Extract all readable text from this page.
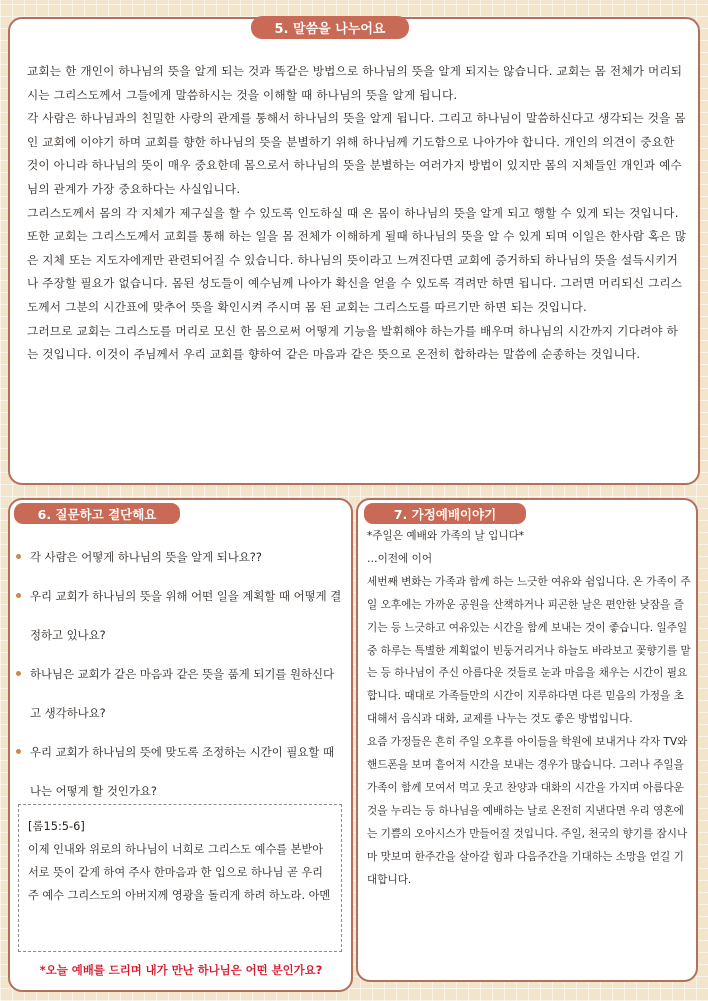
5. 말씀을 나누어요

교회는 한 개인이 하나님의 뜻을 알게 되는 것과 똑같은 방법으로 하나님의 뜻을 알게 되지는 않습니다. 교회는 몸 전체가 머리되시는 그리스도께서 그들에게 말씀하시는 것을 이해할 때 하나님의 뜻을 알게 됩니다.

각 사람은 하나님과의 친밀한 사랑의 관계를 통해서 하나님의 뜻을 알게 됩니다. 그리고 하나님이 말씀하신다고 생각되는 것을 몸인 교회에 이야기 하며 교회를 향한 하나님의 뜻을 분별하기 위해 하나님께 기도함으로 나아가야 합니다. 개인의 의견이 중요한 것이 아니라 하나님의 뜻이 매우 중요한데 몸으로서 하나님의 뜻을 분별하는 여러가지 방법이 있지만 몸의 지체들인 개인과 예수님의 관계가 가장 중요하다는 사실입니다.

그리스도께서 몸의 각 지체가 제구실을 할 수 있도록 인도하실 때 온 몸이 하나님의 뜻을 알게 되고 행할 수 있게 되는 것입니다.

또한 교회는 그리스도께서 교회를 통해 하는 일을 몸 전체가 이해하게 될때 하나님의 뜻을 알 수 있게 되며 이일은 한사람 혹은 많은 지체 또는 지도자에게만 관련되어질 수 있습니다. 하나님의 뜻이라고 느껴진다면 교회에 증거하되 하나님의 뜻을 설득시키거나 주장할 필요가 없습니다. 몸된 성도들이 예수님께 나아가 확신을 얻을 수 있도록 격려만 하면 됩니다. 그러면 머리되신 그리스도께서 그분의 시간표에 맞추어 뜻을 확인시켜 주시며 몸 된 교회는 그리스도를 따르기만 하면 되는 것입니다.

그러므로 교회는 그리스도를 머리로 모신 한 몸으로써 어떻게 기능을 발휘해야 하는가를 배우며 하나님의 시간까지 기다려야 하는 것입니다. 이것이 주님께서 우리 교회를 향하여 같은 마음과 같은 뜻으로 온전히 합하라는 말씀에 순종하는 것입니다.

6. 질문하고 결단해요
각 사람은 어떻게 하나님의 뜻을 알게 되나요??
우리 교회가 하나님의 뜻을 위해 어떤 일을 계획할 때 어떻게 결정하고 있나요?
하나님은 교회가 같은 마음과 같은 뜻을 품게 되기를 원하신다고 생각하나요?
우리 교회가 하나님의 뜻에 맞도록 조정하는 시간이 필요할 때 나는 어떻게 할 것인가요?
[롬15:5-6]
이제 인내와 위로의 하나님이 너희로 그리스도 예수를 본받아 서로 뜻이 같게 하여 주사 한마음과 한 입으로 하나님 곧 우리 주 예수 그리스도의 아버지께 영광을 돌리게 하려 하노라. 아멘
*오늘 예배를 드리며 내가 만난 하나님은 어떤 분인가요?
7. 가정예배이야기

*주일은 예배와 가족의 날 입니다*

…이전에 이어

세번째 변화는 가족과 함께 하는 느긋한 여유와 쉼입니다. 온 가족이 주일 오후에는 가까운 공원을 산책하거나 피곤한 날은 편안한 낮잠을 즐기는 등 느긋하고 여유있는 시간을 함께 보내는 것이 좋습니다. 일주일 중 하루는 특별한 계획없이 빈둥거리거나 하늘도 바라보고 꽃향기를 맡는 등 하나님이 주신 아름다운 것들로 눈과 마음을 채우는 시간이 필요합니다. 때대로 가족들만의 시간이 지루하다면 다른 믿음의 가정을 초대해서 음식과 대화, 교제를 나누는 것도 좋은 방법입니다.

요즘 가정들은 흔히 주일 오후를 아이들을 학원에 보내거나 각자 TV와 핸드폰을 보며 흩어져 시간을 보내는 경우가 많습니다. 그러나 주일을 가족이 함께 모여서 먹고 웃고 찬양과 대화의 시간을 가지며 아름다운 것을 누리는 등 하나님을 예배하는 날로 온전히 지낸다면 우리 영혼에는 기쁨의 오아시스가 만들어질 것입니다. 주일, 천국의 향기를 잠시나마 맛보며 한주간을 살아갈 힘과 다음주간을 기대하는 소망을 얻길 기대합니다.
